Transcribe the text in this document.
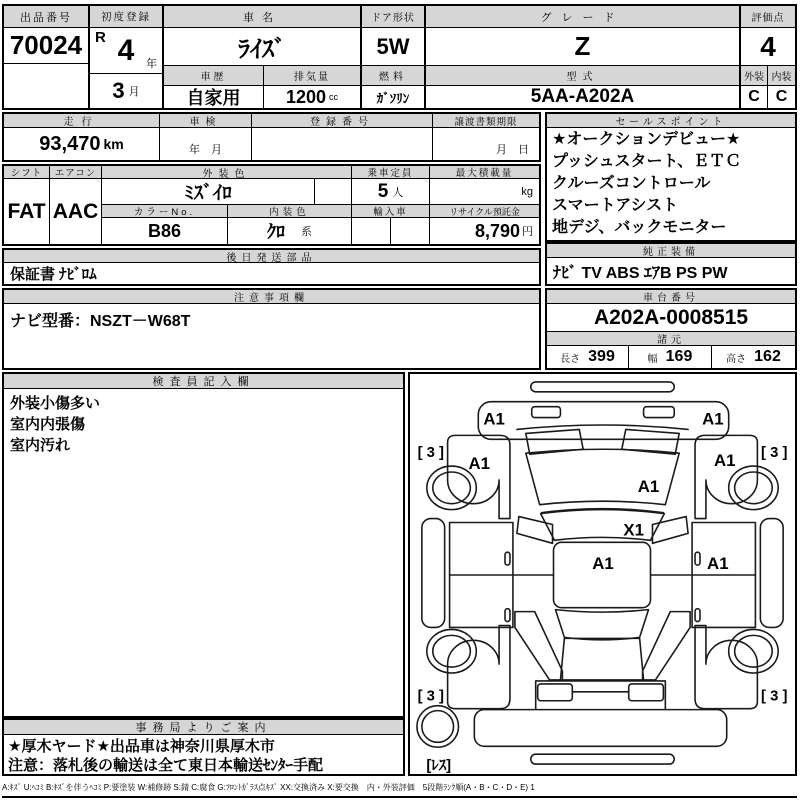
出品番号
70024
初度登録
R 4	年
3 月
車名
ﾗｲｽﾞ
車歴	排気量
自家用	1200 cc
ドア形状
5W
燃料
ｶﾞｿﾘﾝ
グレード
Z
型式
5AA-A202A
評価点
4
外装 内装
C C
走行
93,470 km
車検
年　月
登録番号	譲渡書類期限
月　日
セールスポイント

★オークションデビュー★

プッシュスタート、ＥＴＣ

クルーズコントロール

スマートアシスト

地デジ、バックモニター

純正装備
ﾅﾋﾞ TV ABS ｴｱB PS PW
シフト
FAT
エアコン
AAC
外装色
ﾐｽﾞｲﾛ
乗車定員
5 人
最大積載量
kg
カラーNo.
B86
内装色
ｸﾛ 系
輸入車	リサイクル預託金
8,790 円
後日発送部品
保証書 ﾅﾋﾞﾛﾑ
注意事項欄
ナビ型番：NSZT－W68T
車台番号
A202A-0008515
諸元
長さ 399	幅 169	高さ 162
検査員記入欄

外装小傷多い

室内内張傷

室内汚れ

事務局よりご案内

★厚木ヤード★出品車は神奈川県厚木市

注意：落札後の輸送は全て東日本輸送ｾﾝﾀｰ手配

A1	A1
[ 3 ]	[ 3 ]
A1	A1
A1
X1
A1	A1
[ 3 ]	[ 3 ]
[ﾚｽ]
A:ｷｽﾞ U:ﾍｺﾐ B:ｷｽﾞを伴うﾍｺﾐ P:要塗装 W:補修跡 S:錆 C:腐食 G:ﾌﾛﾝﾄｶﾞﾗｽ点ｷｽﾞ XX:交換済み X:要交換　内・外装評価　5段階ﾗﾝｸ順(A・B・C・D・E) 1
